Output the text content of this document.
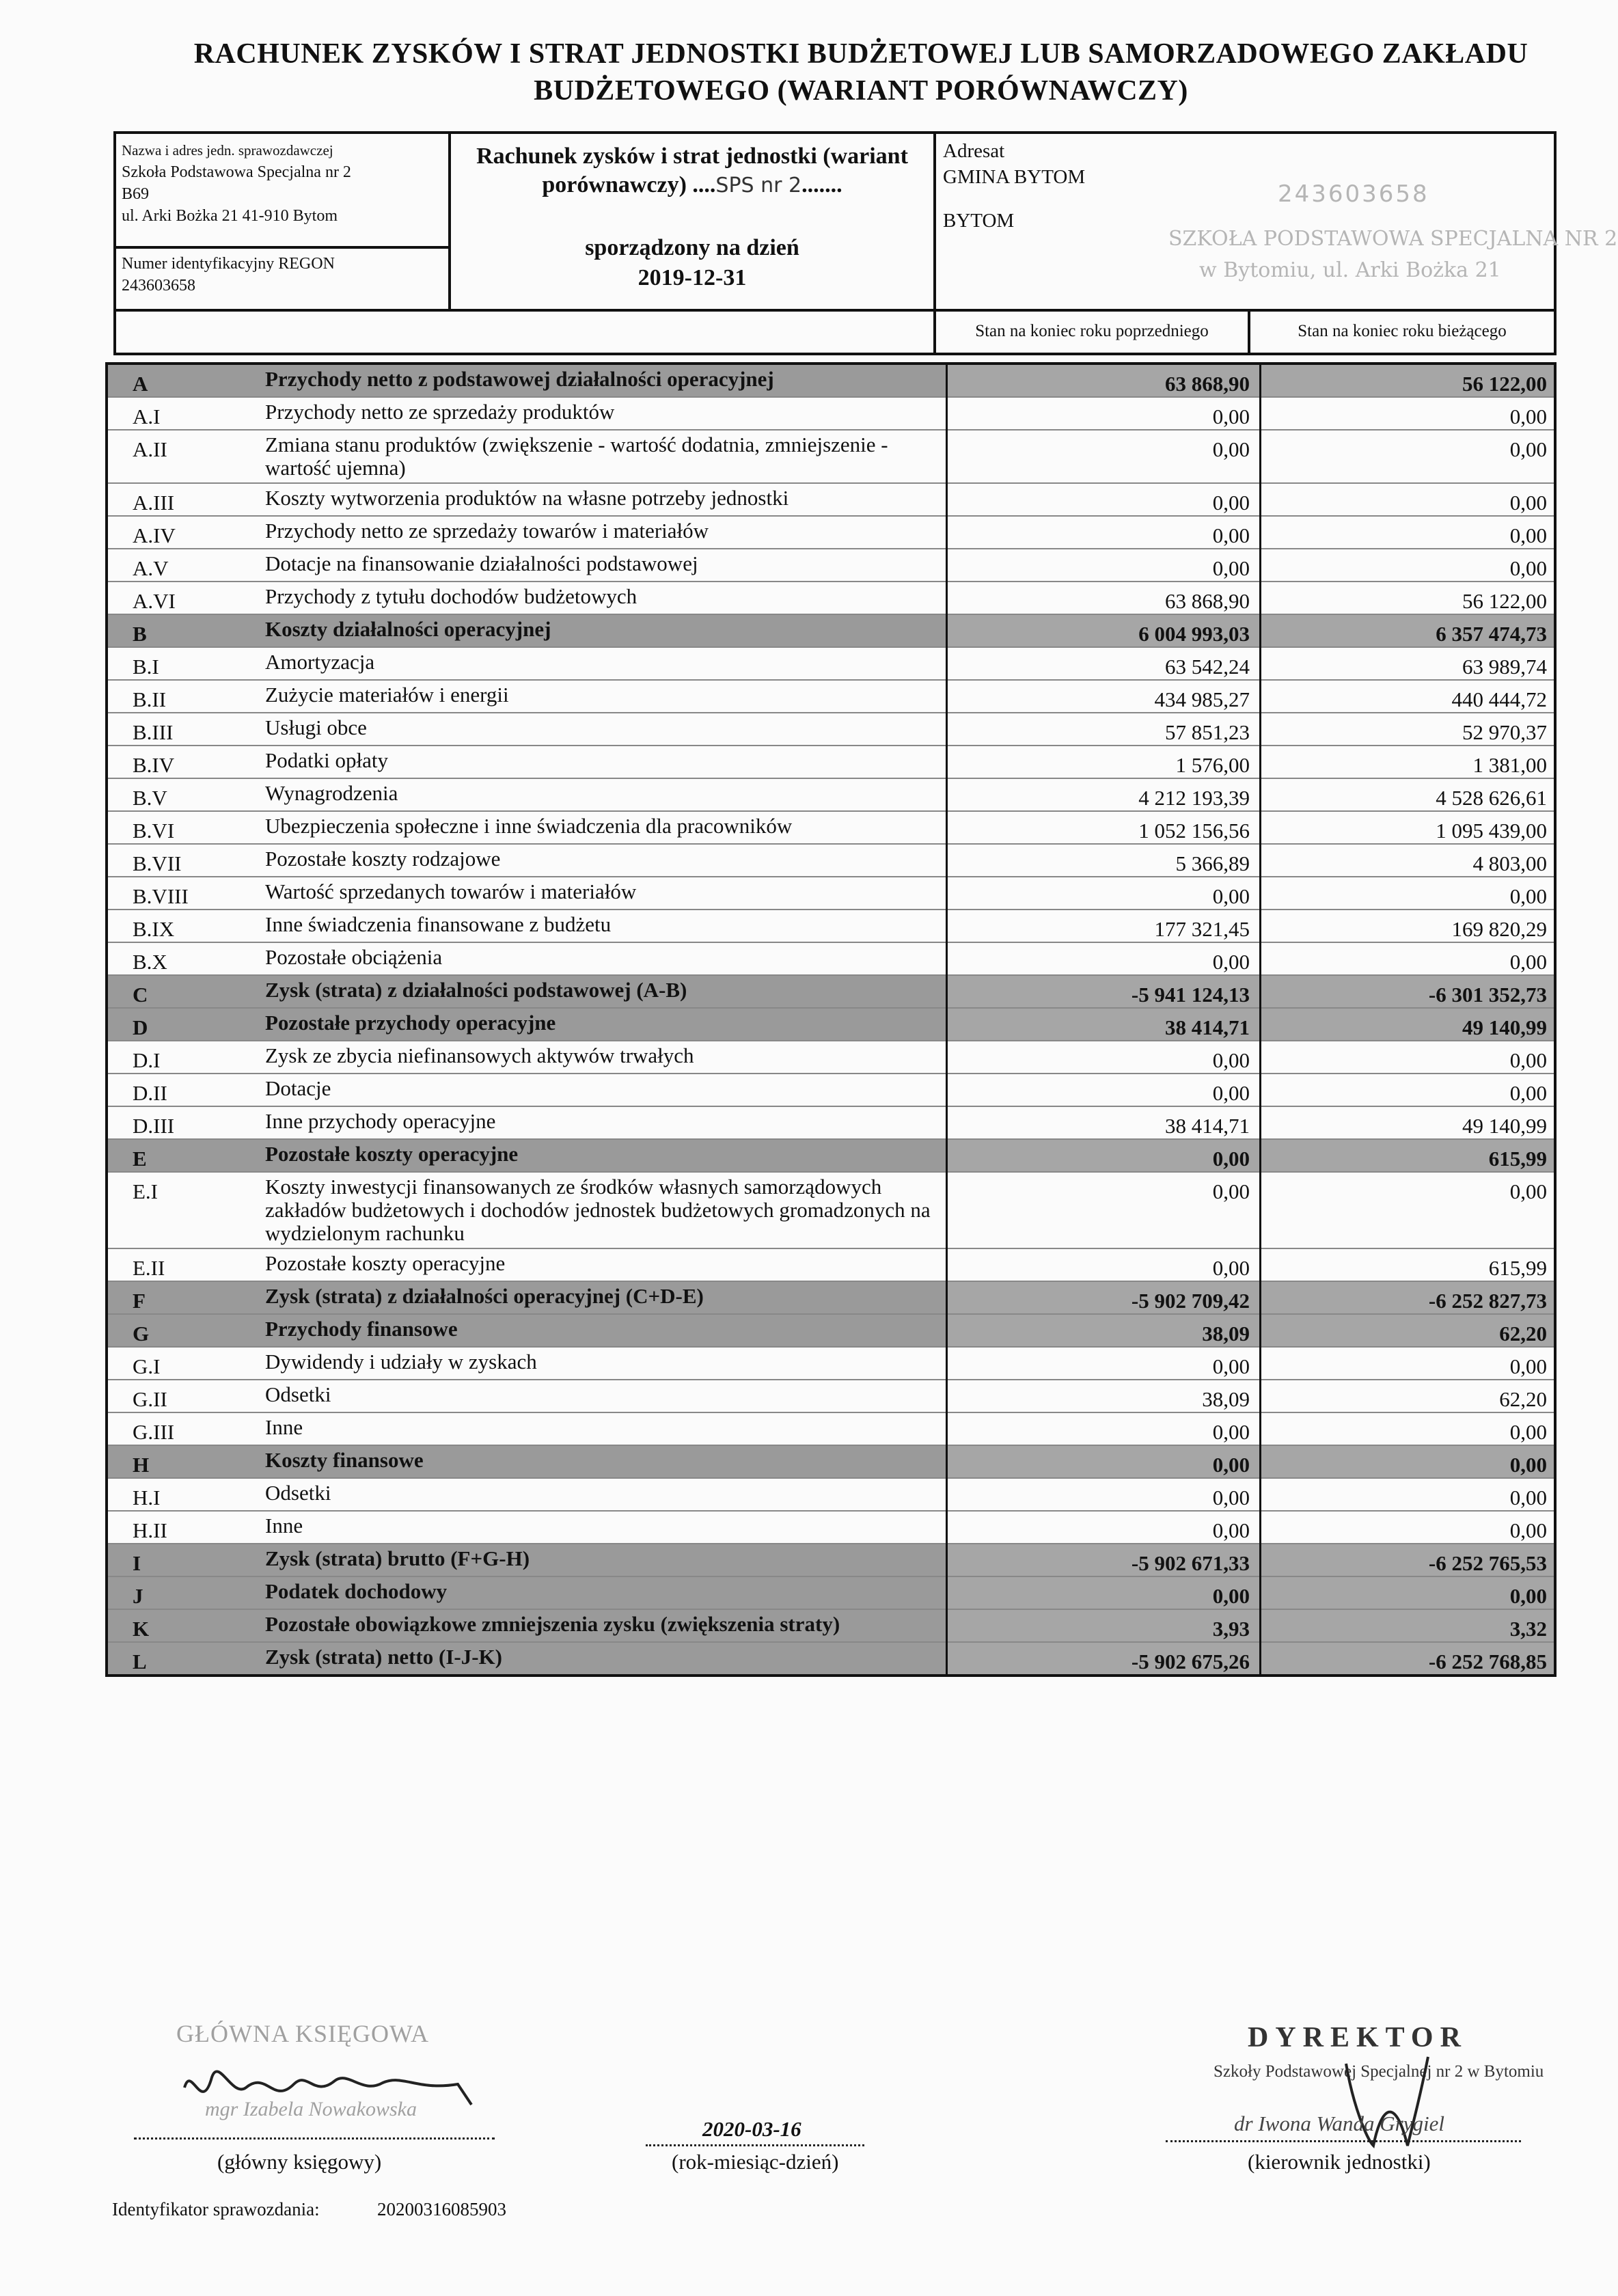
RACHUNEK ZYSKÓW I STRAT JEDNOSTKI BUDŻETOWEJ LUB SAMORZADOWEGO ZAKŁADU
BUDŻETOWEGO (WARIANT PORÓWNAWCZY)
Nazwa i adres jedn. sprawozdawczej
Szkoła Podstawowa Specjalna nr 2
B69
ul. Arki Bożka 21 41-910 Bytom
Numer identyfikacyjny REGON
243603658
Rachunek zysków i strat jednostki (wariant
porównawczy) ....SPS nr 2.......
sporządzony na dzień
2019-12-31
Adresat
GMINA BYTOM
BYTOM
243603658
SZKOŁA PODSTAWOWA SPECJALNA NR 2
w Bytomiu, ul. Arki Bożka 21
Stan na koniec roku poprzedniego	Stan na koniec roku bieżącego
A	Przychody netto z podstawowej działalności operacyjnej	63 868,90	56 122,00
A.I	Przychody netto ze sprzedaży produktów	0,00	0,00
A.II	Zmiana stanu produktów (zwiększenie - wartość dodatnia, zmniejszenie - wartość ujemna)	0,00	0,00
A.III	Koszty wytworzenia produktów na własne potrzeby jednostki	0,00	0,00
A.IV	Przychody netto ze sprzedaży towarów i materiałów	0,00	0,00
A.V	Dotacje na finansowanie działalności podstawowej	0,00	0,00
A.VI	Przychody z tytułu dochodów budżetowych	63 868,90	56 122,00
B	Koszty działalności operacyjnej	6 004 993,03	6 357 474,73
B.I	Amortyzacja	63 542,24	63 989,74
B.II	Zużycie materiałów i energii	434 985,27	440 444,72
B.III	Usługi obce	57 851,23	52 970,37
B.IV	Podatki opłaty	1 576,00	1 381,00
B.V	Wynagrodzenia	4 212 193,39	4 528 626,61
B.VI	Ubezpieczenia społeczne i inne świadczenia dla pracowników	1 052 156,56	1 095 439,00
B.VII	Pozostałe koszty rodzajowe	5 366,89	4 803,00
B.VIII	Wartość sprzedanych towarów i materiałów	0,00	0,00
B.IX	Inne świadczenia finansowane z budżetu	177 321,45	169 820,29
B.X	Pozostałe obciążenia	0,00	0,00
C	Zysk (strata) z działalności podstawowej (A-B)	-5 941 124,13	-6 301 352,73
D	Pozostałe przychody operacyjne	38 414,71	49 140,99
D.I	Zysk ze zbycia niefinansowych aktywów trwałych	0,00	0,00
D.II	Dotacje	0,00	0,00
D.III	Inne przychody operacyjne	38 414,71	49 140,99
E	Pozostałe koszty operacyjne	0,00	615,99
E.I	Koszty inwestycji finansowanych ze środków własnych samorządowych zakładów budżetowych i dochodów jednostek budżetowych gromadzonych na wydzielonym rachunku	0,00	0,00
E.II	Pozostałe koszty operacyjne	0,00	615,99
F	Zysk (strata) z działalności operacyjnej (C+D-E)	-5 902 709,42	-6 252 827,73
G	Przychody finansowe	38,09	62,20
G.I	Dywidendy i udziały w zyskach	0,00	0,00
G.II	Odsetki	38,09	62,20
G.III	Inne	0,00	0,00
H	Koszty finansowe	0,00	0,00
H.I	Odsetki	0,00	0,00
H.II	Inne	0,00	0,00
I	Zysk (strata) brutto (F+G-H)	-5 902 671,33	-6 252 765,53
J	Podatek dochodowy	0,00	0,00
K	Pozostałe obowiązkowe zmniejszenia zysku (zwiększenia straty)	3,93	3,32
L	Zysk (strata) netto (I-J-K)	-5 902 675,26	-6 252 768,85
GŁÓWNA KSIĘGOWA
mgr Izabela Nowakowska
(główny księgowy)
2020-03-16
(rok-miesiąc-dzień)
DYREKTOR
Szkoły Podstawowej Specjalnej nr 2 w Bytomiu
dr Iwona Wanda Grygiel
(kierownik jednostki)
Identyfikator sprawozdania:	20200316085903
